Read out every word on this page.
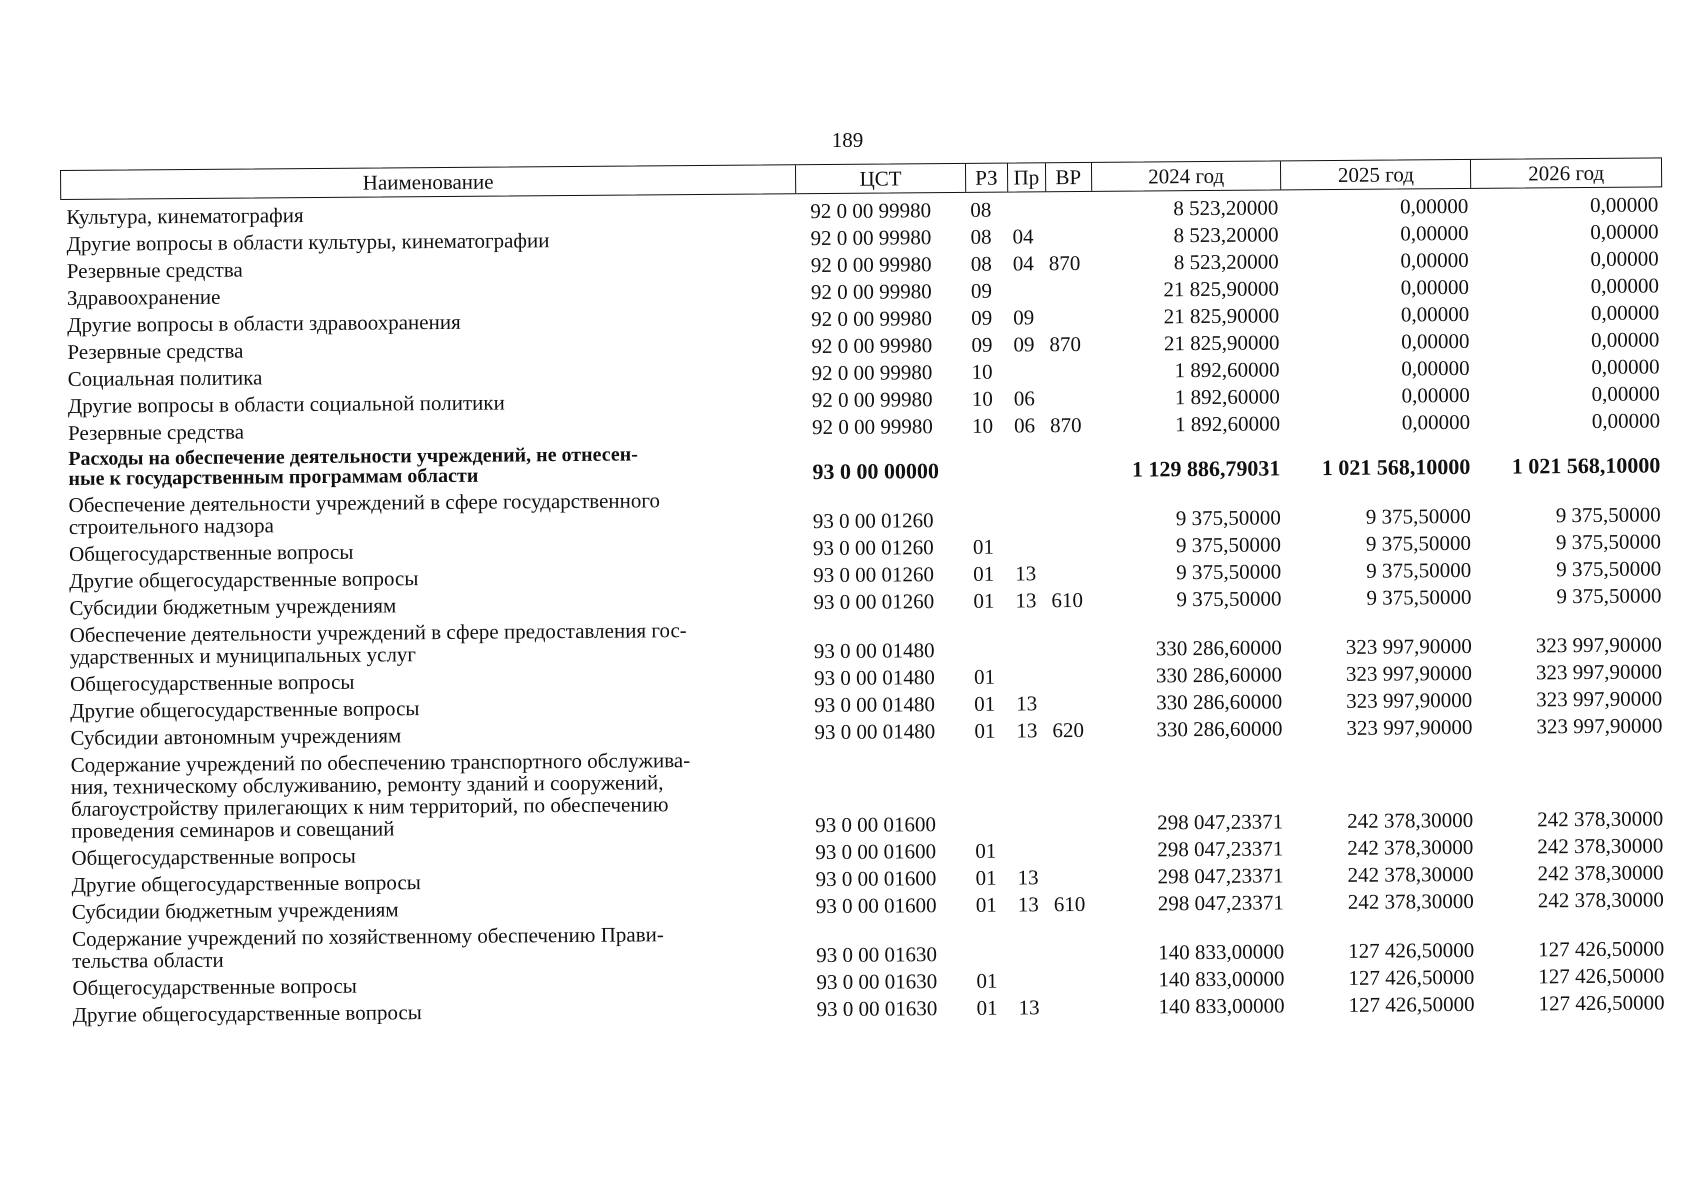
189
Наименование	ЦСТ	РЗ Пр ВР	2024 год	2025 год	2026 год
Культура, кинематография	92 0 00 99980	08	8 523,20000	0,00000	0,00000
Другие вопросы в области культуры, кинематографии	92 0 00 99980	08 04	8 523,20000	0,00000	0,00000
Резервные средства	92 0 00 99980	08 04 870	8 523,20000	0,00000	0,00000
Здравоохранение	92 0 00 99980	09	21 825,90000	0,00000	0,00000
Другие вопросы в области здравоохранения	92 0 00 99980	09 09	21 825,90000	0,00000	0,00000
Резервные средства	92 0 00 99980	09 09 870	21 825,90000	0,00000	0,00000
Социальная политика	92 0 00 99980	10	1 892,60000	0,00000	0,00000
Другие вопросы в области социальной политики	92 0 00 99980	10 06	1 892,60000	0,00000	0,00000
Резервные средства	92 0 00 99980	10 06 870	1 892,60000	0,00000	0,00000
Расходы на обеспечение деятельности учреждений, не отнесен-
ные к государственным программам области	93 0 00 00000	1 129 886,79031	1 021 568,10000	1 021 568,10000
Обеспечение деятельности учреждений в сфере государственного
строительного надзора	93 0 00 01260	9 375,50000	9 375,50000	9 375,50000
Общегосударственные вопросы	93 0 00 01260	01	9 375,50000	9 375,50000	9 375,50000
Другие общегосударственные вопросы	93 0 00 01260	01 13	9 375,50000	9 375,50000	9 375,50000
Субсидии бюджетным учреждениям	93 0 00 01260	01 13 610	9 375,50000	9 375,50000	9 375,50000
Обеспечение деятельности учреждений в сфере предоставления гос-
ударственных и муниципальных услуг	93 0 00 01480	330 286,60000	323 997,90000	323 997,90000
Общегосударственные вопросы	93 0 00 01480	01	330 286,60000	323 997,90000	323 997,90000
Другие общегосударственные вопросы	93 0 00 01480	01 13	330 286,60000	323 997,90000	323 997,90000
Субсидии автономным учреждениям	93 0 00 01480	01 13 620	330 286,60000	323 997,90000	323 997,90000
Содержание учреждений по обеспечению транспортного обслужива-
ния, техническому обслуживанию, ремонту зданий и сооружений,
благоустройству прилегающих к ним территорий, по обеспечению
проведения семинаров и совещаний	93 0 00 01600	298 047,23371	242 378,30000	242 378,30000
Общегосударственные вопросы	93 0 00 01600	01	298 047,23371	242 378,30000	242 378,30000
Другие общегосударственные вопросы	93 0 00 01600	01 13	298 047,23371	242 378,30000	242 378,30000
Субсидии бюджетным учреждениям	93 0 00 01600	01 13 610	298 047,23371	242 378,30000	242 378,30000
Содержание учреждений по хозяйственному обеспечению Прави-
тельства области	93 0 00 01630	140 833,00000	127 426,50000	127 426,50000
Общегосударственные вопросы	93 0 00 01630	01	140 833,00000	127 426,50000	127 426,50000
Другие общегосударственные вопросы	93 0 00 01630	01 13	140 833,00000	127 426,50000	127 426,50000
